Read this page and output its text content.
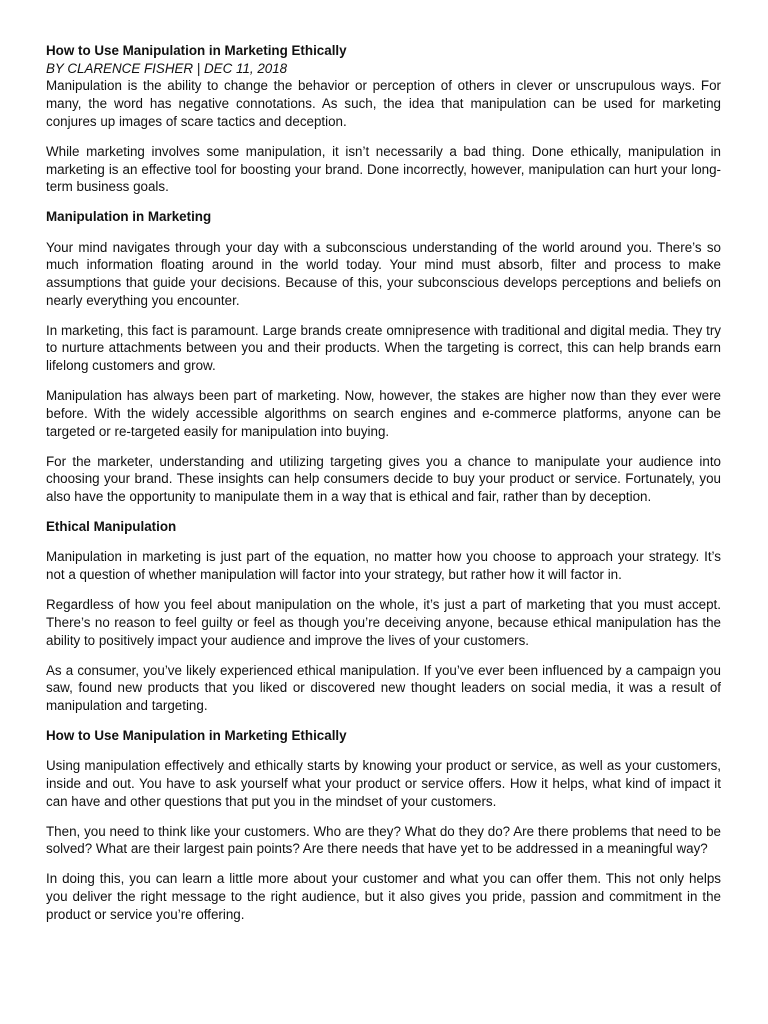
How to Use Manipulation in Marketing Ethically
BY CLARENCE FISHER | DEC 11, 2018

Manipulation is the ability to change the behavior or perception of others in clever or unscrupulous ways. For many, the word has negative connotations. As such, the idea that manipulation can be used for marketing conjures up images of scare tactics and deception.

While marketing involves some manipulation, it isn’t necessarily a bad thing. Done ethically, manipulation in marketing is an effective tool for boosting your brand. Done incorrectly, however, manipulation can hurt your long-term business goals.

Manipulation in Marketing

Your mind navigates through your day with a subconscious understanding of the world around you. There’s so much information floating around in the world today. Your mind must absorb, filter and process to make assumptions that guide your decisions. Because of this, your subconscious develops perceptions and beliefs on nearly everything you encounter.

In marketing, this fact is paramount. Large brands create omnipresence with traditional and digital media. They try to nurture attachments between you and their products. When the targeting is correct, this can help brands earn lifelong customers and grow.

Manipulation has always been part of marketing. Now, however, the stakes are higher now than they ever were before. With the widely accessible algorithms on search engines and e-commerce platforms, anyone can be targeted or re-targeted easily for manipulation into buying.

For the marketer, understanding and utilizing targeting gives you a chance to manipulate your audience into choosing your brand. These insights can help consumers decide to buy your product or service. Fortunately, you also have the opportunity to manipulate them in a way that is ethical and fair, rather than by deception.

Ethical Manipulation

Manipulation in marketing is just part of the equation, no matter how you choose to approach your strategy. It’s not a question of whether manipulation will factor into your strategy, but rather how it will factor in.

Regardless of how you feel about manipulation on the whole, it’s just a part of marketing that you must accept. There’s no reason to feel guilty or feel as though you’re deceiving anyone, because ethical manipulation has the ability to positively impact your audience and improve the lives of your customers.

As a consumer, you’ve likely experienced ethical manipulation. If you’ve ever been influenced by a campaign you saw, found new products that you liked or discovered new thought leaders on social media, it was a result of manipulation and targeting.

How to Use Manipulation in Marketing Ethically

Using manipulation effectively and ethically starts by knowing your product or service, as well as your customers, inside and out. You have to ask yourself what your product or service offers. How it helps, what kind of impact it can have and other questions that put you in the mindset of your customers.

Then, you need to think like your customers. Who are they? What do they do? Are there problems that need to be solved? What are their largest pain points? Are there needs that have yet to be addressed in a meaningful way?

In doing this, you can learn a little more about your customer and what you can offer them. This not only helps you deliver the right message to the right audience, but it also gives you pride, passion and commitment in the product or service you’re offering.
